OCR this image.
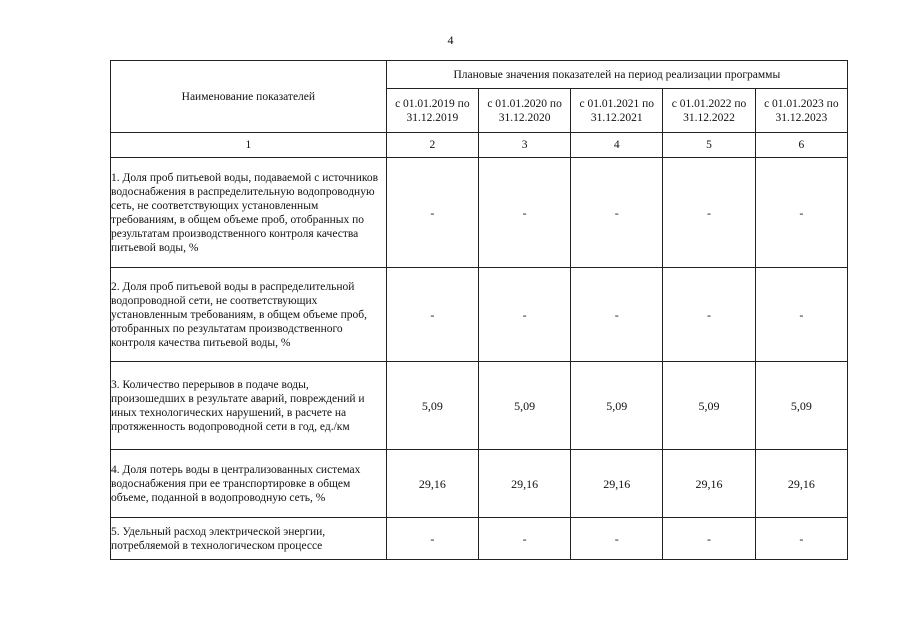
4
Наименование показателей	Плановые значения показателей на период реализации программы				
	с 01.01.2019 по 31.12.2019	с 01.01.2020 по 31.12.2020	с 01.01.2021 по 31.12.2021	с 01.01.2022 по 31.12.2022	с 01.01.2023 по 31.12.2023
1	2	3	4	5	6
1. Доля проб питьевой воды, подаваемой с источников водоснабжения в распределительную водопроводную сеть, не соответствующих установленным требованиям, в общем объеме проб, отобранных по результатам производственного контроля качества питьевой воды, %	-	-	-	-	-
2. Доля проб питьевой воды в распределительной водопроводной сети, не соответствующих установленным требованиям, в общем объеме проб, отобранных по результатам производственного контроля качества питьевой воды, %	-	-	-	-	-
3. Количество перерывов в подаче воды, произошедших в результате аварий, повреждений и иных технологических нарушений, в расчете на протяженность водопроводной сети в год, ед./км	5,09	5,09	5,09	5,09	5,09
4. Доля потерь воды в централизованных системах водоснабжения при ее транспортировке в общем объеме, поданной в водопроводную сеть, %	29,16	29,16	29,16	29,16	29,16
5. Удельный расход электрической энергии, потребляемой в технологическом процессе	-	-	-	-	-
